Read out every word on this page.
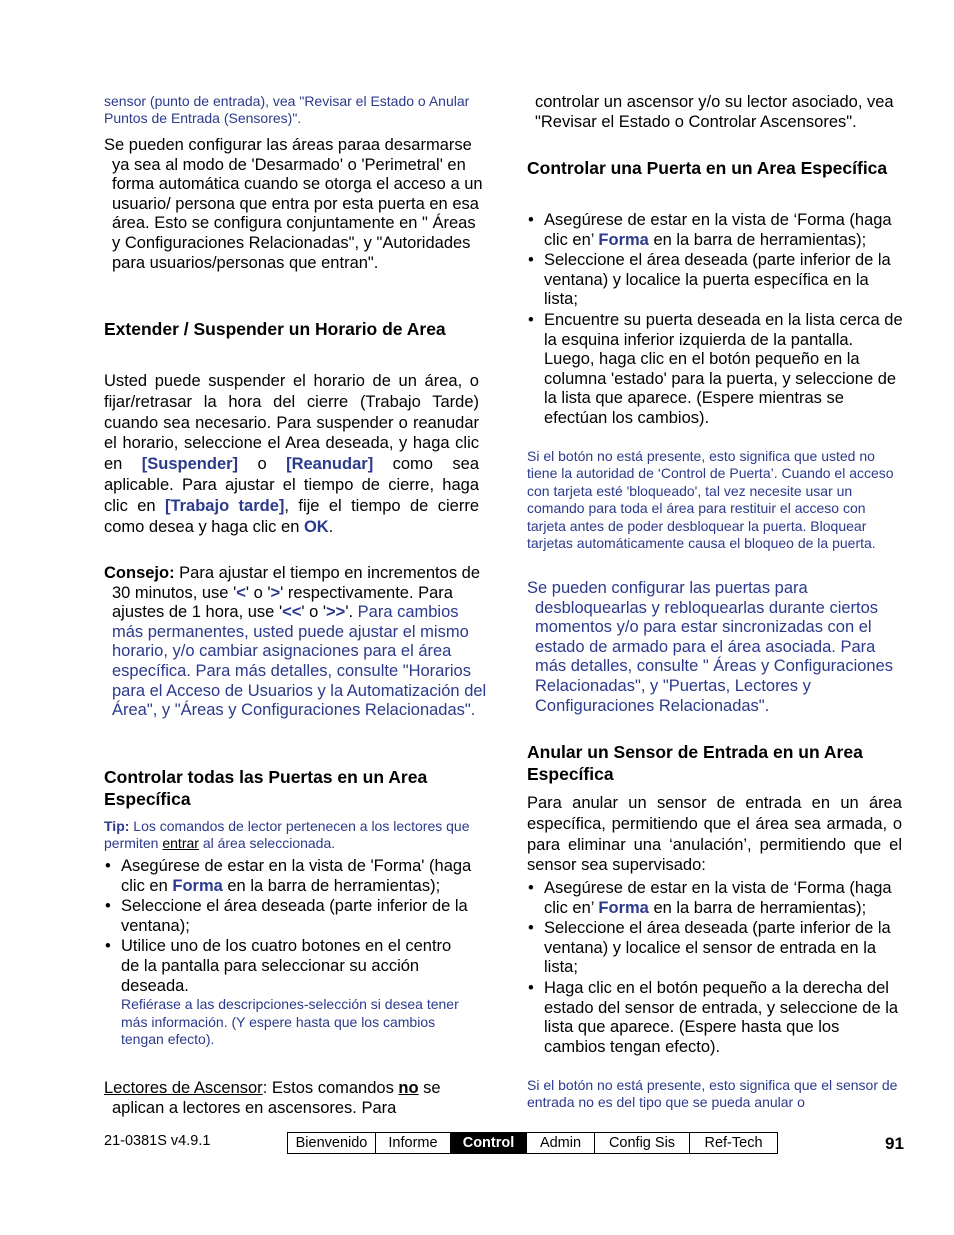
sensor (punto de entrada), vea "Revisar el Estado o Anular Puntos de Entrada (Sensores)".

Se pueden configurar las áreas paraa desarmarse ya sea al modo de 'Desarmado' o 'Perimetral' en forma automática cuando se otorga el acceso a un usuario/ persona que entra por esta puerta en esa área. Esto se configura conjuntamente en " Áreas y Configuraciones Relacionadas", y "Autoridades para usuarios/personas que entran".

Extender / Suspender un Horario de Area

Usted puede suspender el horario de un área, o fijar/retrasar la hora del cierre (Trabajo Tarde) cuando sea necesario. Para suspender o reanudar el horario, seleccione el Area deseada, y haga clic en [Suspender] o [Reanudar] como sea aplicable. Para ajustar el tiempo de cierre, haga clic en [Trabajo tarde], fije el tiempo de cierre como desea y haga clic en OK.

Consejo: Para ajustar el tiempo en incrementos de 30 minutos, use '<' o '>' respectivamente. Para ajustes de 1 hora, use '<<' o '>>'. Para cambios más permanentes, usted puede ajustar el mismo horario, y/o cambiar asignaciones para el área específica. Para más detalles, consulte "Horarios para el Acceso de Usuarios y la Automatización del Área", y "Áreas y Configuraciones Relacionadas".

Controlar todas las Puertas en un Area Específica
Tip: Los comandos de lector pertenecen a los lectores que permiten entrar al área seleccionada.
• Asegúrese de estar en la vista de 'Forma' (haga clic en Forma en la barra de herramientas);
• Seleccione el área deseada (parte inferior de la ventana);
• Utilice uno de los cuatro botones en el centro de la pantalla para seleccionar su acción deseada.
Refiérase a las descripciones-selección si desea tener más información. (Y espere hasta que los cambios tengan efecto).

Lectores de Ascensor: Estos comandos no se aplican a lectores en ascensores. Para

controlar un ascensor y/o su lector asociado, vea "Revisar el Estado o Controlar Ascensores".

Controlar una Puerta en un Area Específica
• Asegúrese de estar en la vista de ‘Forma (haga clic en’ Forma en la barra de herramientas);
• Seleccione el área deseada (parte inferior de la ventana) y localice la puerta específica en la lista;
• Encuentre su puerta deseada en la lista cerca de la esquina inferior izquierda de la pantalla. Luego, haga clic en el botón pequeño en la columna 'estado' para la puerta, y seleccione de la lista que aparece. (Espere mientras se efectúan los cambios).
Si el botón no está presente, esto significa que usted no tiene la autoridad de ‘Control de Puerta’. Cuando el acceso con tarjeta esté 'bloqueado', tal vez necesite usar un comando para toda el área para restituir el acceso con tarjeta antes de poder desbloquear la puerta. Bloquear tarjetas automáticamente causa el bloqueo de la puerta.

Se pueden configurar las puertas para desbloquearlas y rebloquearlas durante ciertos momentos y/o para estar sincronizadas con el estado de armado para el área asociada. Para más detalles, consulte " Áreas y Configuraciones Relacionadas", y "Puertas, Lectores y Configuraciones Relacionadas".

Anular un Sensor de Entrada en un Area Específica

Para anular un sensor de entrada en un área específica, permitiendo que el área sea armada, o para eliminar una ‘anulación’, permitiendo que el sensor sea supervisado:

• Asegúrese de estar en la vista de ‘Forma (haga clic en’ Forma en la barra de herramientas);
• Seleccione el área deseada (parte inferior de la ventana) y localice el sensor de entrada en la lista;
• Haga clic en el botón pequeño a la derecha del estado del sensor de entrada, y seleccione de la lista que aparece. (Espere hasta que los cambios tengan efecto).
Si el botón no está presente, esto significa que el sensor de entrada no es del tipo que se pueda anular o
21-0381S v4.9.1	Bienvenido	Informe	Control	Admin	Config Sis	Ref-Tech	91
